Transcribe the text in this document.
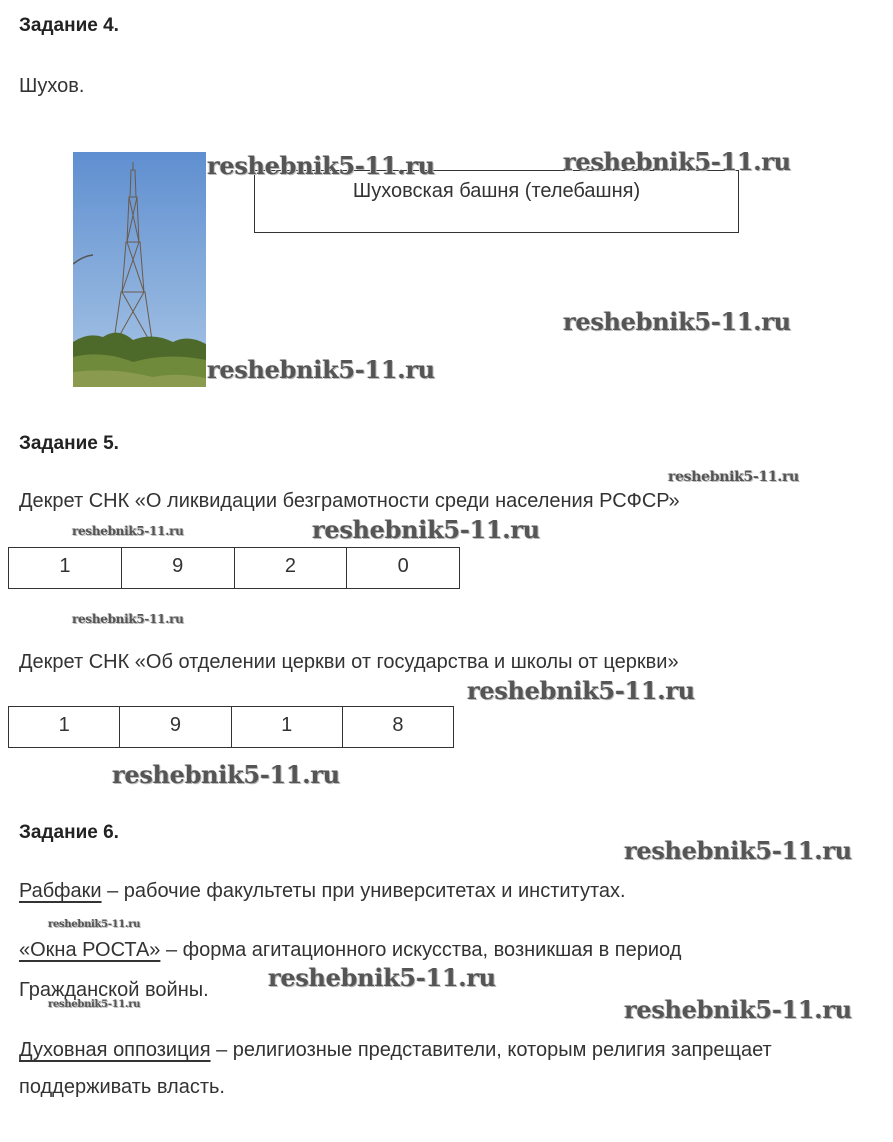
Задание 4.
Шухов.
Шуховская башня (телебашня)
Задание 5.
Декрет СНК «О ликвидации безграмотности среди населения РСФСР»
1	9	2	0
Декрет СНК «Об отделении церкви от государства и школы от церкви»
1	9	1	8
Задание 6.
Рабфаки – рабочие факультеты при университетах и институтах.
«Окна РОСТА» – форма агитационного искусства, возникшая в период
Гражданской войны.
Духовная оппозиция – религиозные представители, которым религия запрещает
поддерживать власть.
reshebnik5-11.ru	reshebnik5-11.ru
reshebnik5-11.ru
reshebnik5-11.ru
reshebnik5-11.ru
reshebnik5-11.ru	reshebnik5-11.ru
reshebnik5-11.ru
reshebnik5-11.ru
reshebnik5-11.ru
reshebnik5-11.ru
reshebnik5-11.ru
reshebnik5-11.ru
reshebnik5-11.ru	reshebnik5-11.ru
